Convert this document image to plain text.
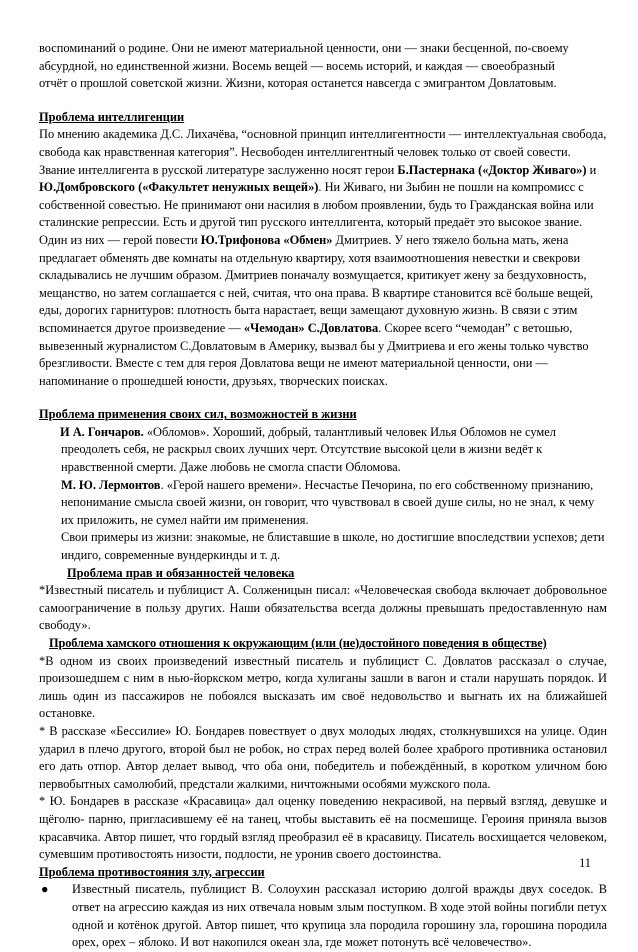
воспоминаний о родине. Они не имеют материальной ценности, они — знаки бесценной, по-своему

абсурдной, но единственной жизни. Восемь вещей — восемь историй, и каждая — своеобразный

отчёт о прошлой советской жизни. Жизни, которая останется навсегда с эмигрантом Довлатовым.

Проблема интеллигенции

По мнению академика Д.С. Лихачёва, “основной принцип интеллигентности — интеллектуальная свобода, свобода как нравственная категория”. Несвободен интеллигентный человек только от своей совести. Звание интеллигента в русской литературе заслуженно носят герои Б.Пастернака («Доктор Живаго») и Ю.Домбровского («Факультет ненужных вещей»). Ни Живаго, ни Зыбин не пошли на компромисс с собственной совестью. Не принимают они насилия в любом проявлении, будь то Гражданская война или сталинские репрессии. Есть и другой тип русского интеллигента, который предаёт это высокое звание. Один из них — герой повести Ю.Трифонова «Обмен» Дмитриев. У него тяжело больна мать, жена предлагает обменять две комнаты на отдельную квартиру, хотя взаимоотношения невестки и свекрови складывались не лучшим образом. Дмитриев поначалу возмущается, критикует жену за бездуховность, мещанство, но затем соглашается с ней, считая, что она права. В квартире становится всё больше вещей, еды, дорогих гарнитуров: плотность быта нарастает, вещи замещают духовную жизнь. В связи с этим вспоминается другое произведение — «Чемодан» С.Довлатова. Скорее всего “чемодан” с ветошью, вывезенный журналистом С.Довлатовым в Америку, вызвал бы у Дмитриева и его жены только чувство брезгливости. Вместе с тем для героя Довлатова вещи не имеют материальной ценности, они — напоминание о прошедшей юности, друзьях, творческих поисках.

Проблема применения своих сил, возможностей в жизни

И А. Гончаров. «Обломов». Хороший, добрый, талантливый человек Илья Обломов не сумел преодолеть себя, не раскрыл своих лучших черт. Отсутствие высокой цели в жизни ведёт к нравственной смерти. Даже любовь не смогла спасти Обломова.

М. Ю. Лермонтов. «Герой нашего времени». Несчастье Печорина, по его собственному признанию, непонимание смысла своей жизни, он говорит, что чувствовал в своей душе силы, но не знал, к чему их приложить, не сумел найти им применения.

Свои примеры из жизни: знакомые, не блиставшие в школе, но достигшие впоследствии успехов; дети индиго, современные вундеркинды и т. д.

Проблема прав и обязанностей человека

*Известный писатель и публицист А. Солженицын писал: «Человеческая свобода включает добровольное самоограничение в пользу других. Наши обязательства всегда должны превышать предоставленную нам свободу».

Проблема хамского отношения к окружающим (или (не)достойного поведения в обществе)

*В одном из своих произведений известный писатель и публицист С. Довлатов рассказал о случае, произошедшем с ним в нью-йоркском метро, когда хулиганы зашли в вагон и стали нарушать порядок. И лишь один из пассажиров не побоялся высказать им своё недовольство и выгнать их на ближайшей остановке.

* В рассказе «Бессилие» Ю. Бондарев повествует о двух молодых людях, столкнувшихся на улице. Один ударил в плечо другого, второй был не робок, но страх перед волей более храброго противника остановил его дать отпор. Автор делает вывод, что оба они, победитель и побеждённый, в коротком уличном бою первобытных самолюбий, предстали жалкими, ничтожными особями мужского пола.

* Ю. Бондарев в рассказе «Красавица» дал оценку поведению некрасивой, на первый взгляд, девушке и щёголю- парню, пригласившему её на танец, чтобы выставить её на посмешище. Героиня приняла вызов красавчика. Автор пишет, что гордый взгляд преобразил её в красавицу. Писатель восхищается человеком, сумевшим противостоять низости, подлости, не уронив своего достоинства.

Проблема противостояния злу, агрессии

● Известный писатель, публицист В. Солоухин рассказал историю долгой вражды двух соседок. В ответ на агрессию каждая из них отвечала новым злым поступком. В ходе этой войны погибли петух одной и котёнок другой. Автор пишет, что крупица зла породила горошину зла, горошина породила орех, орех – яблоко. И вот накопился океан зла, где может потонуть всё человечество».

11
